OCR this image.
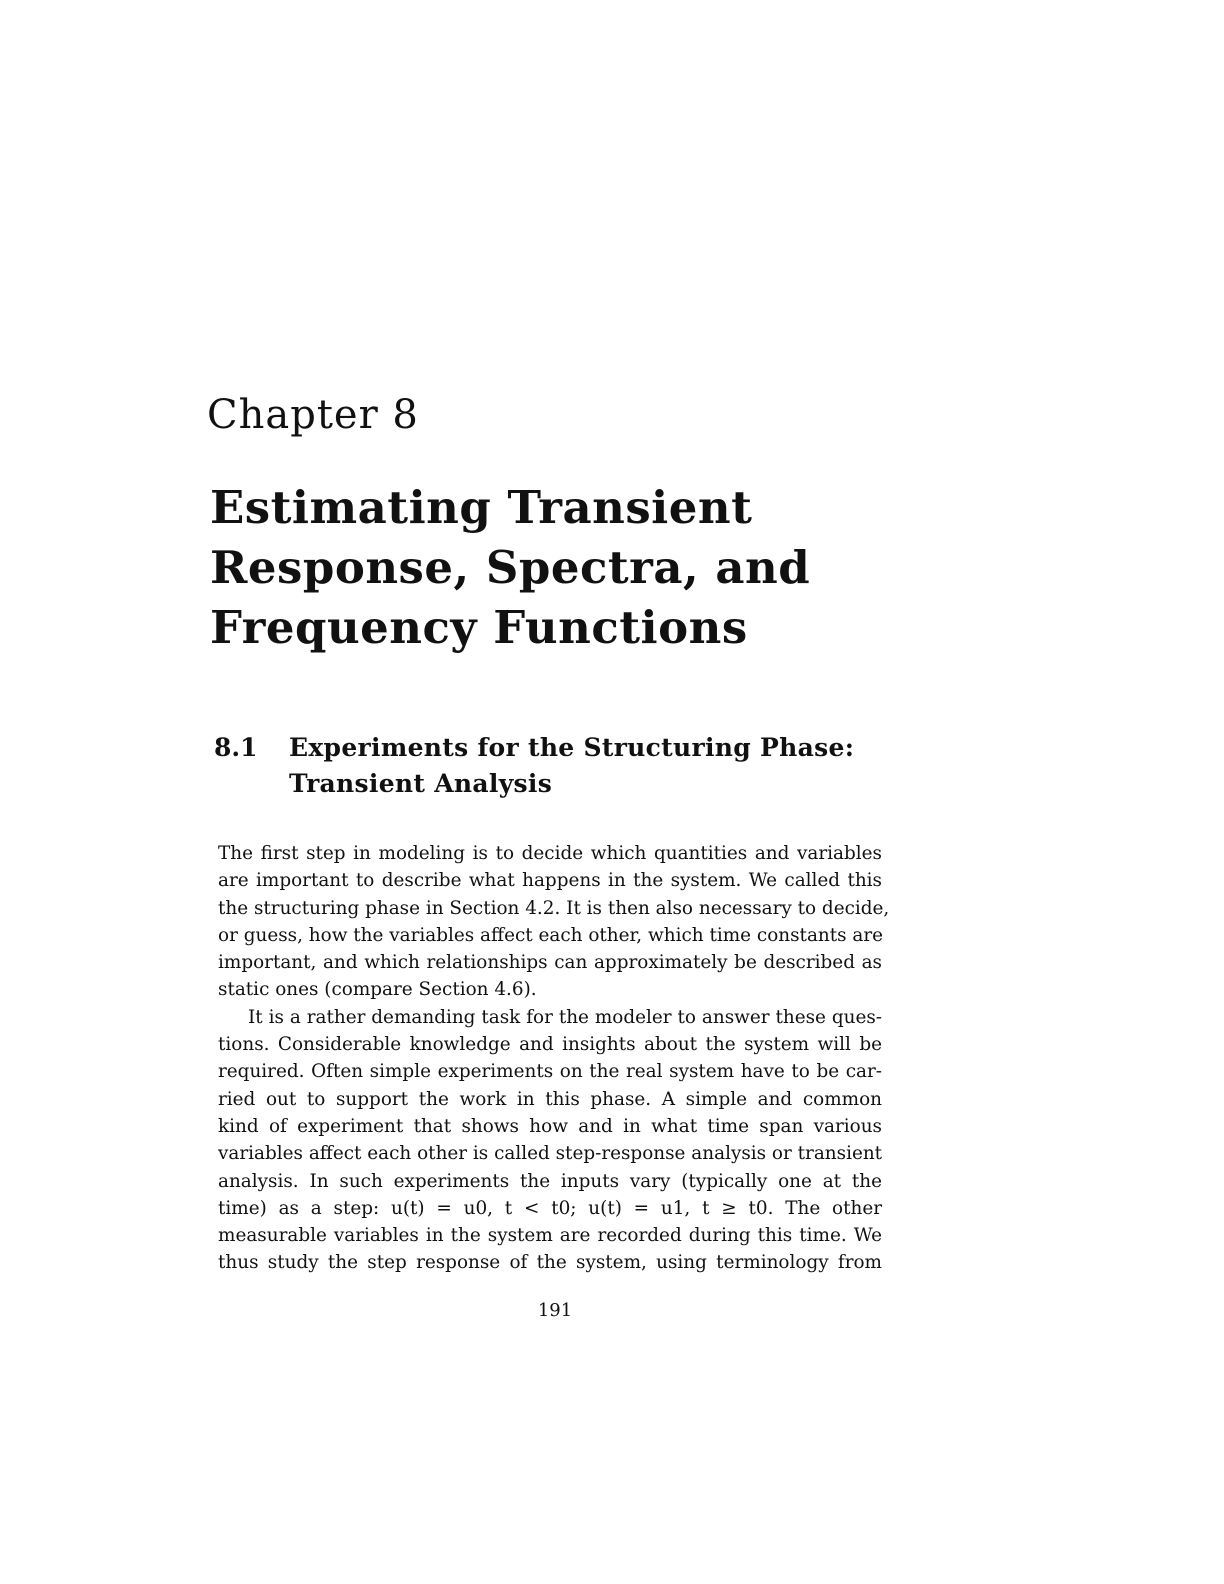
Chapter 8
Estimating Transient
Response, Spectra, and
Frequency Functions
8.1 Experiments for the Structuring Phase:
Transient Analysis
The first step in modeling is to decide which quantities and variables
are important to describe what happens in the system. We called this
the structuring phase in Section 4.2. It is then also necessary to decide,
or guess, how the variables affect each other, which time constants are
important, and which relationships can approximately be described as
static ones (compare Section 4.6).
It is a rather demanding task for the modeler to answer these ques-
tions. Considerable knowledge and insights about the system will be
required. Often simple experiments on the real system have to be car-
ried out to support the work in this phase. A simple and common
kind of experiment that shows how and in what time span various
variables affect each other is called step-response analysis or transient
analysis. In such experiments the inputs vary (typically one at the
time) as a step: u(t) = u0, t < t0; u(t) = u1, t ≥ t0. The other
measurable variables in the system are recorded during this time. We
thus study the step response of the system, using terminology from
191
